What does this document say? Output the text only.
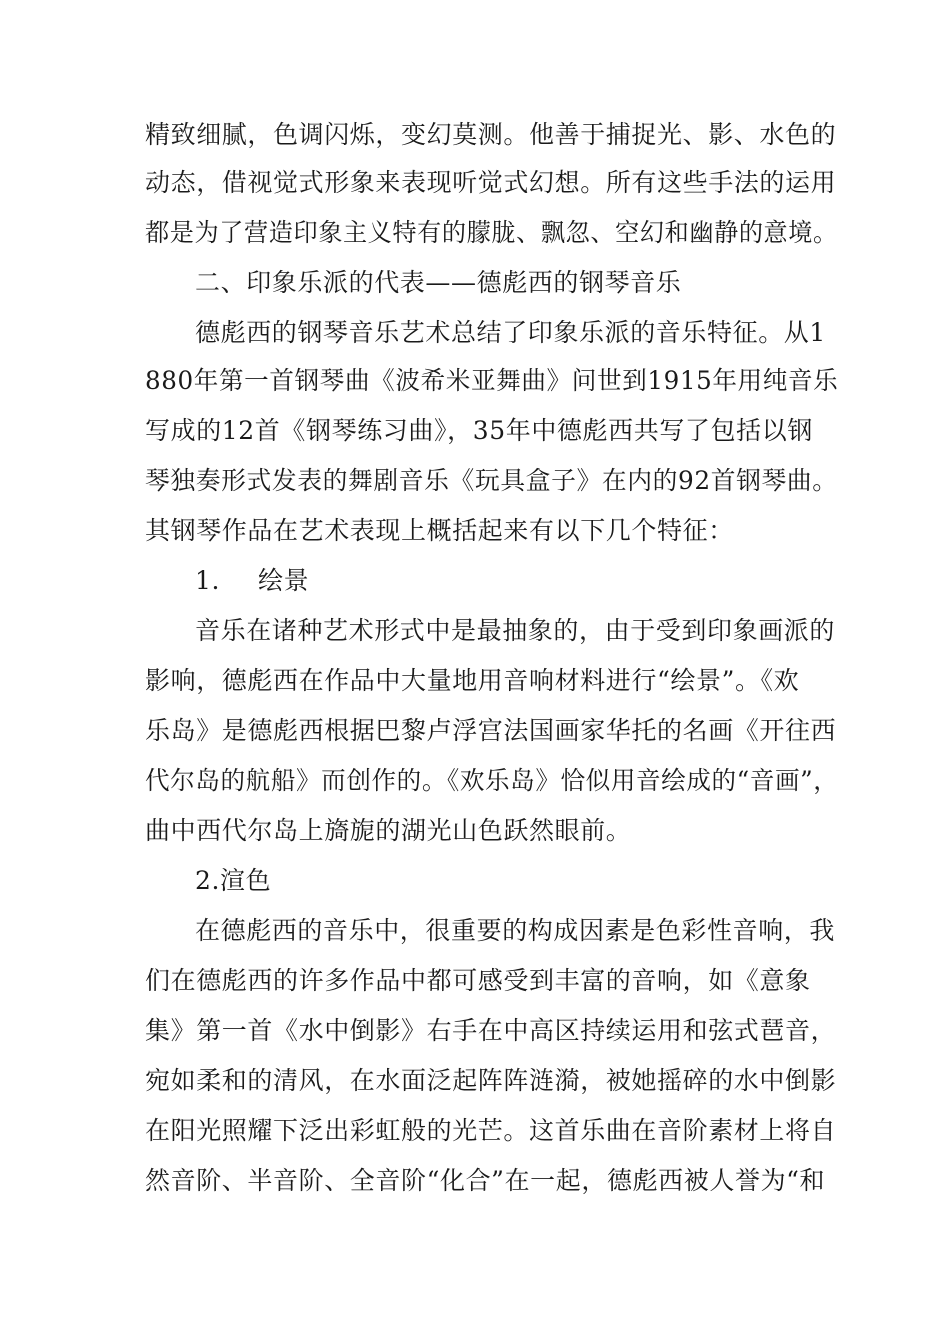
精致细腻，色调闪烁，变幻莫测。他善于捕捉光、影、水色的
动态，借视觉式形象来表现听觉式幻想。所有这些手法的运用
都是为了营造印象主义特有的朦胧、飘忽、空幻和幽静的意境。
二、印象乐派的代表——德彪西的钢琴音乐
德彪西的钢琴音乐艺术总结了印象乐派的音乐特征。从1
880年第一首钢琴曲《波希米亚舞曲》问世到1915年用纯音乐
写成的12首《钢琴练习曲》，35年中德彪西共写了包括以钢
琴独奏形式发表的舞剧音乐《玩具盒子》在内的92首钢琴曲。
其钢琴作品在艺术表现上概括起来有以下几个特征：
1. 绘景
音乐在诸种艺术形式中是最抽象的，由于受到印象画派的
影响，德彪西在作品中大量地用音响材料进行“绘景”。《欢
乐岛》是德彪西根据巴黎卢浮宫法国画家华托的名画《开往西
代尔岛的航船》而创作的。《欢乐岛》恰似用音绘成的“音画”，
曲中西代尔岛上旖旎的湖光山色跃然眼前。
2.渲色
在德彪西的音乐中，很重要的构成因素是色彩性音响，我
们在德彪西的许多作品中都可感受到丰富的音响，如《意象
集》第一首《水中倒影》右手在中高区持续运用和弦式琶音，
宛如柔和的清风，在水面泛起阵阵涟漪，被她摇碎的水中倒影
在阳光照耀下泛出彩虹般的光芒。这首乐曲在音阶素材上将自
然音阶、半音阶、全音阶“化合”在一起，德彪西被人誉为“和
